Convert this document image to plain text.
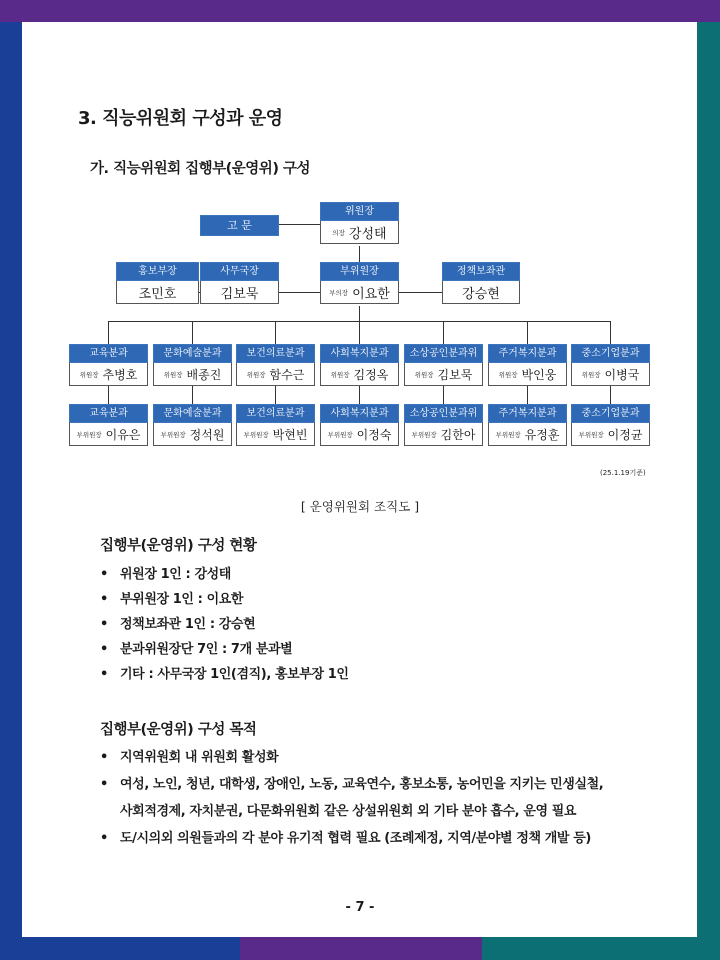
3. 직능위원회 구성과 운영
가. 직능위원회 집행부(운영위) 구성
위원장
의장 강성태
고 문
홍보부장
조민호
사무국장
김보묵
부위원장
부의장 이요한
정책보좌관
강승현
교육분과
위원장 추병호
문화예술분과
위원장 배종진
보건의료분과
위원장 함수근
사회복지분과
위원장 김정옥
소상공인분과위
위원장 김보묵
주거복지분과
위원장 박인웅
중소기업분과
위원장 이병국
교육분과
부위원장 이유은
문화예술분과
부위원장 정석원
보건의료분과
부위원장 박현빈
사회복지분과
부위원장 이정숙
소상공인분과위
부위원장 김한아
주거복지분과
부위원장 유정훈
중소기업분과
부위원장 이정균
(25.1.19기준)
[ 운영위원회 조직도 ]
집행부(운영위) 구성 현황
• 위원장 1인 : 강성태
• 부위원장 1인 : 이요한
• 정책보좌관 1인 : 강승현
• 분과위원장단 7인 : 7개 분과별
• 기타 : 사무국장 1인(겸직), 홍보부장 1인
집행부(운영위) 구성 목적
• 지역위원회 내 위원회 활성화
• 여성, 노인, 청년, 대학생, 장애인, 노동, 교육연수, 홍보소통, 농어민을 지키는 민생실철,
사회적경제, 자치분권, 다문화위원회 같은 상설위원회 외 기타 분야 흡수, 운영 필요
• 도/시의외 의원들과의 각 분야 유기적 협력 필요 (조례제정, 지역/분야별 정책 개발 등)
- 7 -
